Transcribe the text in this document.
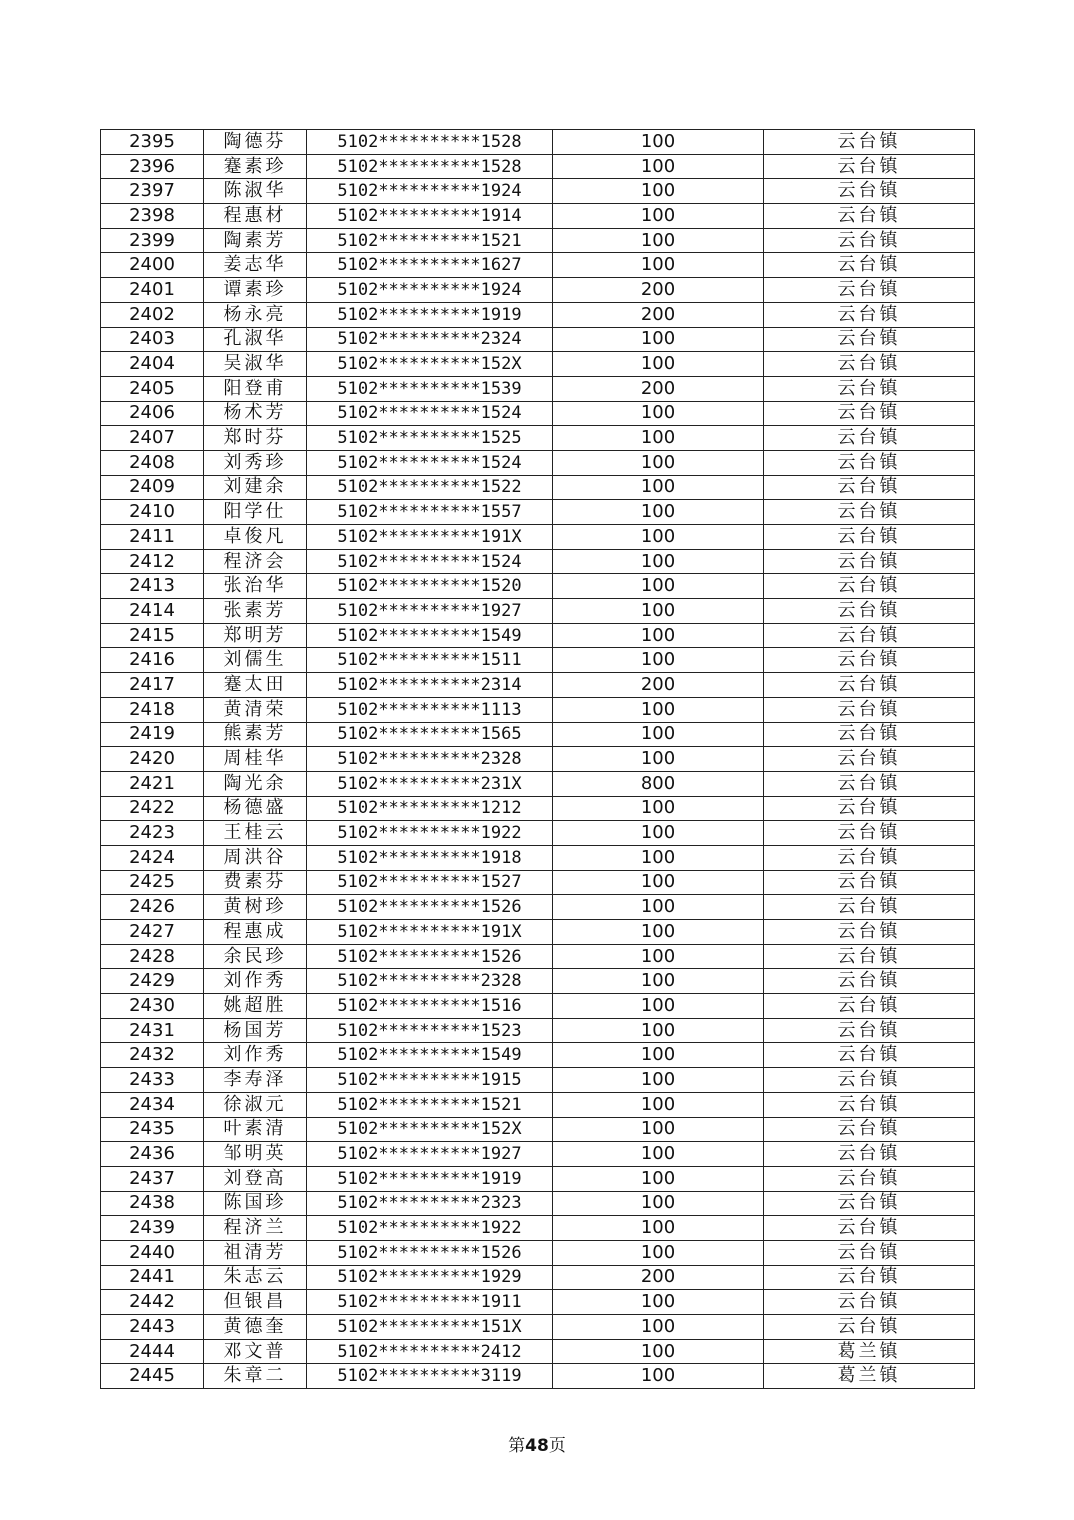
2395	陶德芬	5102**********1528	100	云台镇
2396	蹇素珍	5102**********1528	100	云台镇
2397	陈淑华	5102**********1924	100	云台镇
2398	程惠材	5102**********1914	100	云台镇
2399	陶素芳	5102**********1521	100	云台镇
2400	姜志华	5102**********1627	100	云台镇
2401	谭素珍	5102**********1924	200	云台镇
2402	杨永亮	5102**********1919	200	云台镇
2403	孔淑华	5102**********2324	100	云台镇
2404	吴淑华	5102**********152X	100	云台镇
2405	阳登甫	5102**********1539	200	云台镇
2406	杨术芳	5102**********1524	100	云台镇
2407	郑时芬	5102**********1525	100	云台镇
2408	刘秀珍	5102**********1524	100	云台镇
2409	刘建余	5102**********1522	100	云台镇
2410	阳学仕	5102**********1557	100	云台镇
2411	卓俊凡	5102**********191X	100	云台镇
2412	程济会	5102**********1524	100	云台镇
2413	张治华	5102**********1520	100	云台镇
2414	张素芳	5102**********1927	100	云台镇
2415	郑明芳	5102**********1549	100	云台镇
2416	刘儒生	5102**********1511	100	云台镇
2417	蹇太田	5102**********2314	200	云台镇
2418	黄清荣	5102**********1113	100	云台镇
2419	熊素芳	5102**********1565	100	云台镇
2420	周桂华	5102**********2328	100	云台镇
2421	陶光余	5102**********231X	800	云台镇
2422	杨德盛	5102**********1212	100	云台镇
2423	王桂云	5102**********1922	100	云台镇
2424	周洪谷	5102**********1918	100	云台镇
2425	费素芬	5102**********1527	100	云台镇
2426	黄树珍	5102**********1526	100	云台镇
2427	程惠成	5102**********191X	100	云台镇
2428	余民珍	5102**********1526	100	云台镇
2429	刘作秀	5102**********2328	100	云台镇
2430	姚超胜	5102**********1516	100	云台镇
2431	杨国芳	5102**********1523	100	云台镇
2432	刘作秀	5102**********1549	100	云台镇
2433	李寿泽	5102**********1915	100	云台镇
2434	徐淑元	5102**********1521	100	云台镇
2435	叶素清	5102**********152X	100	云台镇
2436	邹明英	5102**********1927	100	云台镇
2437	刘登高	5102**********1919	100	云台镇
2438	陈国珍	5102**********2323	100	云台镇
2439	程济兰	5102**********1922	100	云台镇
2440	祖清芳	5102**********1526	100	云台镇
2441	朱志云	5102**********1929	200	云台镇
2442	但银昌	5102**********1911	100	云台镇
2443	黄德奎	5102**********151X	100	云台镇
2444	邓文普	5102**********2412	100	葛兰镇
2445	朱章二	5102**********3119	100	葛兰镇
第48页
